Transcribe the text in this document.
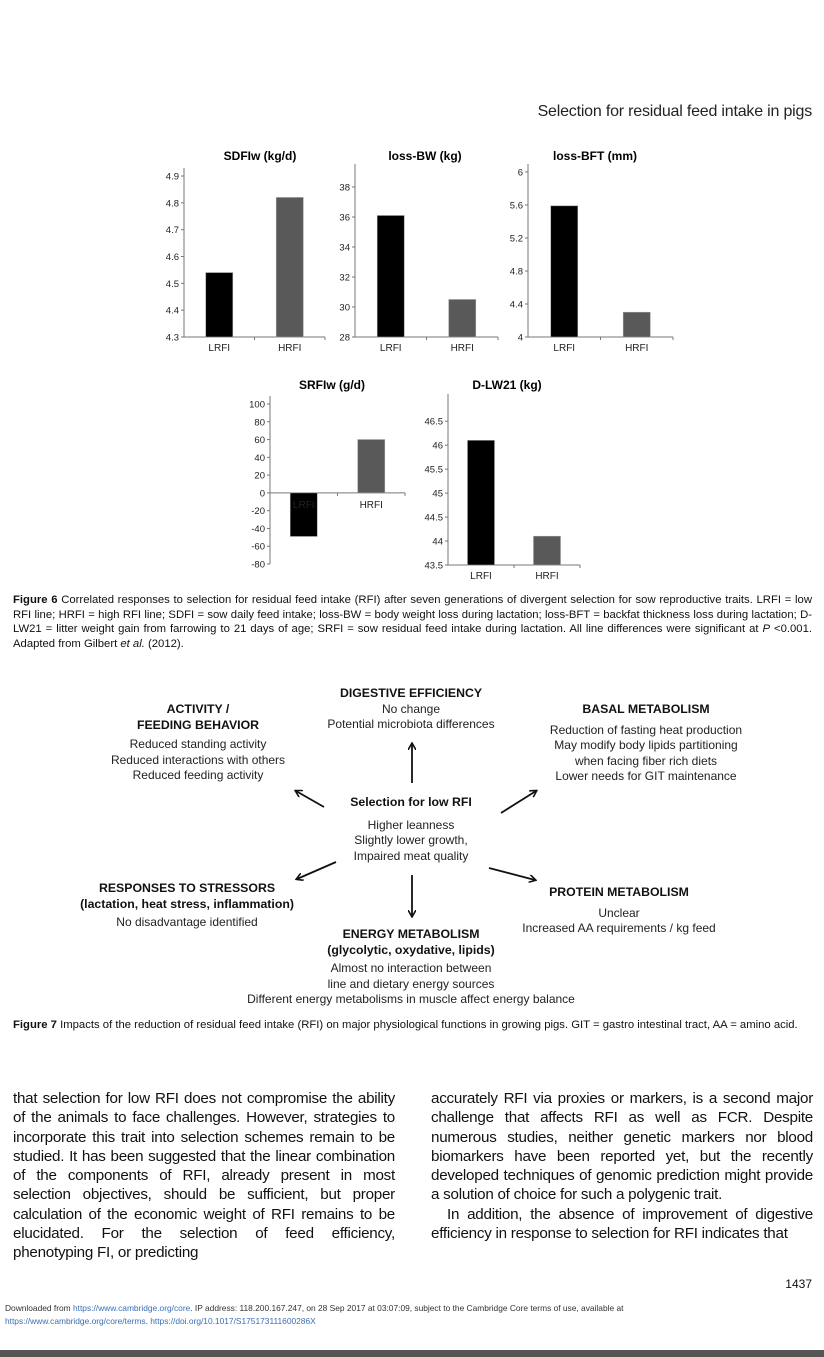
Selection for residual feed intake in pigs
SDFIw (kg/d)
4.3
4.4
4.5
4.6
4.7
4.8
4.9
LRFI	HRFI
loss-BW (kg)
28
30
32
34
36
38
LRFI	HRFI
loss-BFT (mm)
4
4.4
4.8
5.2
5.6
6
LRFI	HRFI
SRFIw (g/d)
-80
-60
-40
-20
0
20
40
60
80
100
LRFI	HRFI
D-LW21 (kg)
43.5
44
44.5
45
45.5
46
46.5
LRFI	HRFI
Figure 6 Correlated responses to selection for residual feed intake (RFI) after seven generations of divergent selection for sow reproductive traits. LRFI = low RFI line; HRFI = high RFI line; SDFI = sow daily feed intake; loss-BW = body weight loss during lactation; loss-BFT = backfat thickness loss during lactation; D-LW21 = litter weight gain from farrowing to 21 days of age; SRFI = sow residual feed intake during lactation. All line differences were significant at P <0.001. Adapted from Gilbert et al. (2012).
DIGESTIVE EFFICIENCY
No change
Potential microbiota differences
ACTIVITY /
FEEDING BEHAVIOR
Reduced standing activity
Reduced interactions with others
Reduced feeding activity
BASAL METABOLISM
Reduction of fasting heat production
May modify body lipids partitioning
when facing fiber rich diets
Lower needs for GIT maintenance
Selection for low RFI
Higher leanness
Slightly lower growth,
Impaired meat quality
RESPONSES TO STRESSORS
(lactation, heat stress, inflammation)
No disadvantage identified
PROTEIN METABOLISM
Unclear
Increased AA requirements / kg feed
ENERGY METABOLISM
(glycolytic, oxydative, lipids)
Almost no interaction between
line and dietary energy sources
Different energy metabolisms in muscle affect energy balance
Figure 7 Impacts of the reduction of residual feed intake (RFI) on major physiological functions in growing pigs. GIT = gastro intestinal tract, AA = amino acid.

that selection for low RFI does not compromise the ability of the animals to face challenges. However, strategies to incorporate this trait into selection schemes remain to be studied. It has been suggested that the linear combination of the components of RFI, already present in most selection objectives, should be sufficient, but proper calculation of the economic weight of RFI remains to be elucidated. For the selection of feed efficiency, phenotyping FI, or predicting

accurately RFI via proxies or markers, is a second major challenge that affects RFI as well as FCR. Despite numerous studies, neither genetic markers nor blood biomarkers have been reported yet, but the recently developed techniques of genomic prediction might provide a solution of choice for such a polygenic trait.

In addition, the absence of improvement of digestive efficiency in response to selection for RFI indicates that

1437
Downloaded from https://www.cambridge.org/core. IP address: 118.200.167.247, on 28 Sep 2017 at 03:07:09, subject to the Cambridge Core terms of use, available at
https://www.cambridge.org/core/terms. https://doi.org/10.1017/S175173111600286X
